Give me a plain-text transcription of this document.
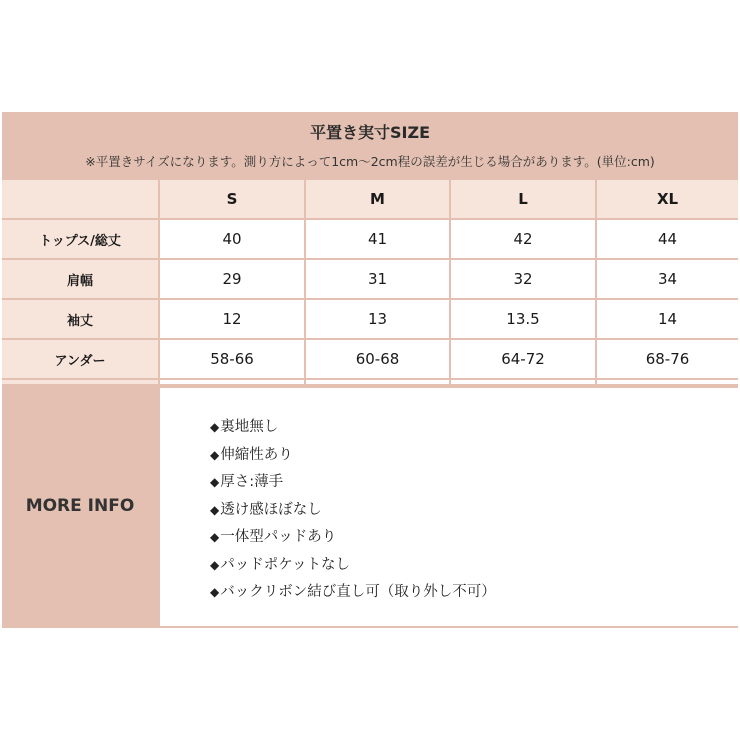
平置き実寸SIZE
※平置きサイズになります。測り方によって1cm〜2cm程の誤差が生じる場合があります。(単位:cm)
S	M	L	XL
トップス/総丈	40	41	42	44
肩幅	29	31	32	34
袖丈	12	13	13.5	14
アンダー	58-66	60-68	64-72	68-76
MORE INFO
◆裏地無し
◆伸縮性あり
◆厚さ:薄手
◆透け感ほぼなし
◆一体型パッドあり
◆パッドポケットなし
◆バックリボン結び直し可（取り外し不可）
